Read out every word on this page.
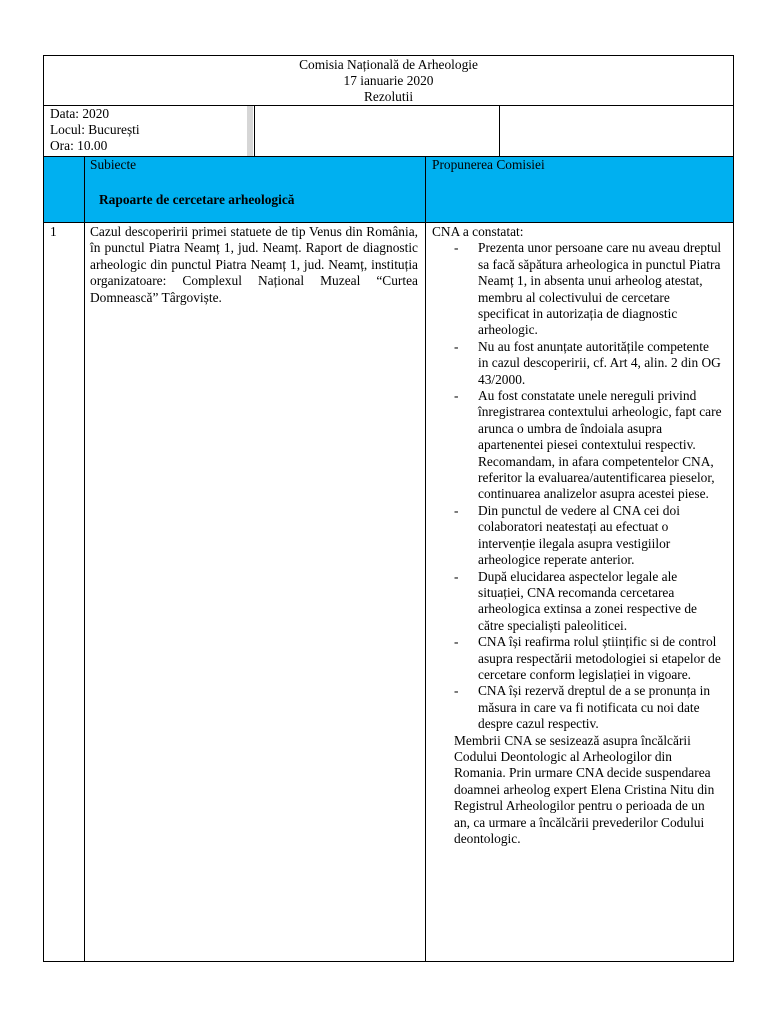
Comisia Națională de Arheologie
17 ianuarie 2020
Rezolutii
Data: 2020
Locul: București
Ora: 10.00
Subiecte	Propunerea Comisiei
Rapoarte de cercetare arheologică
1 Cazul descoperirii primei statuete de tip Venus din România, în punctul Piatra Neamț 1, jud. Neamț. Raport de diagnostic arheologic din punctul Piatra Neamț 1, jud. Neamț, instituția organizatoare: Complexul Național Muzeal “Curtea Domnească” Târgoviște.

CNA a constatat:
- Prezenta unor persoane care nu aveau dreptul sa facă săpătura arheologica in punctul Piatra Neamț 1, in absenta unui arheolog atestat, membru al colectivului de cercetare specificat in autorizația de diagnostic arheologic.
- Nu au fost anunțate autoritățile competente in cazul descoperirii, cf. Art 4, alin. 2 din OG 43/2000.
- Au fost constatate unele nereguli privind înregistrarea contextului arheologic, fapt care arunca o umbra de îndoiala asupra apartenentei piesei contextului respectiv.
Recomandam, in afara competentelor CNA, referitor la evaluarea/autentificarea pieselor, continuarea analizelor asupra acestei piese.
- Din punctul de vedere al CNA cei doi colaboratori neatestați au efectuat o intervenție ilegala asupra vestigiilor arheologice reperate anterior.
- După elucidarea aspectelor legale ale situației, CNA recomanda cercetarea arheologica extinsa a zonei respective de către specialiști paleoliticei.
- CNA își reafirma rolul științific si de control asupra respectării metodologiei si etapelor de cercetare conform legislației in vigoare.
- CNA își rezervă dreptul de a se pronunța in măsura in care va fi notificata cu noi date despre cazul respectiv.
Membrii CNA se sesizează asupra încălcării Codului Deontologic al Arheologilor din Romania. Prin urmare CNA decide suspendarea doamnei arheolog expert Elena Cristina Nitu din Registrul Arheologilor pentru o perioada de un an, ca urmare a încălcării prevederilor Codului deontologic.
